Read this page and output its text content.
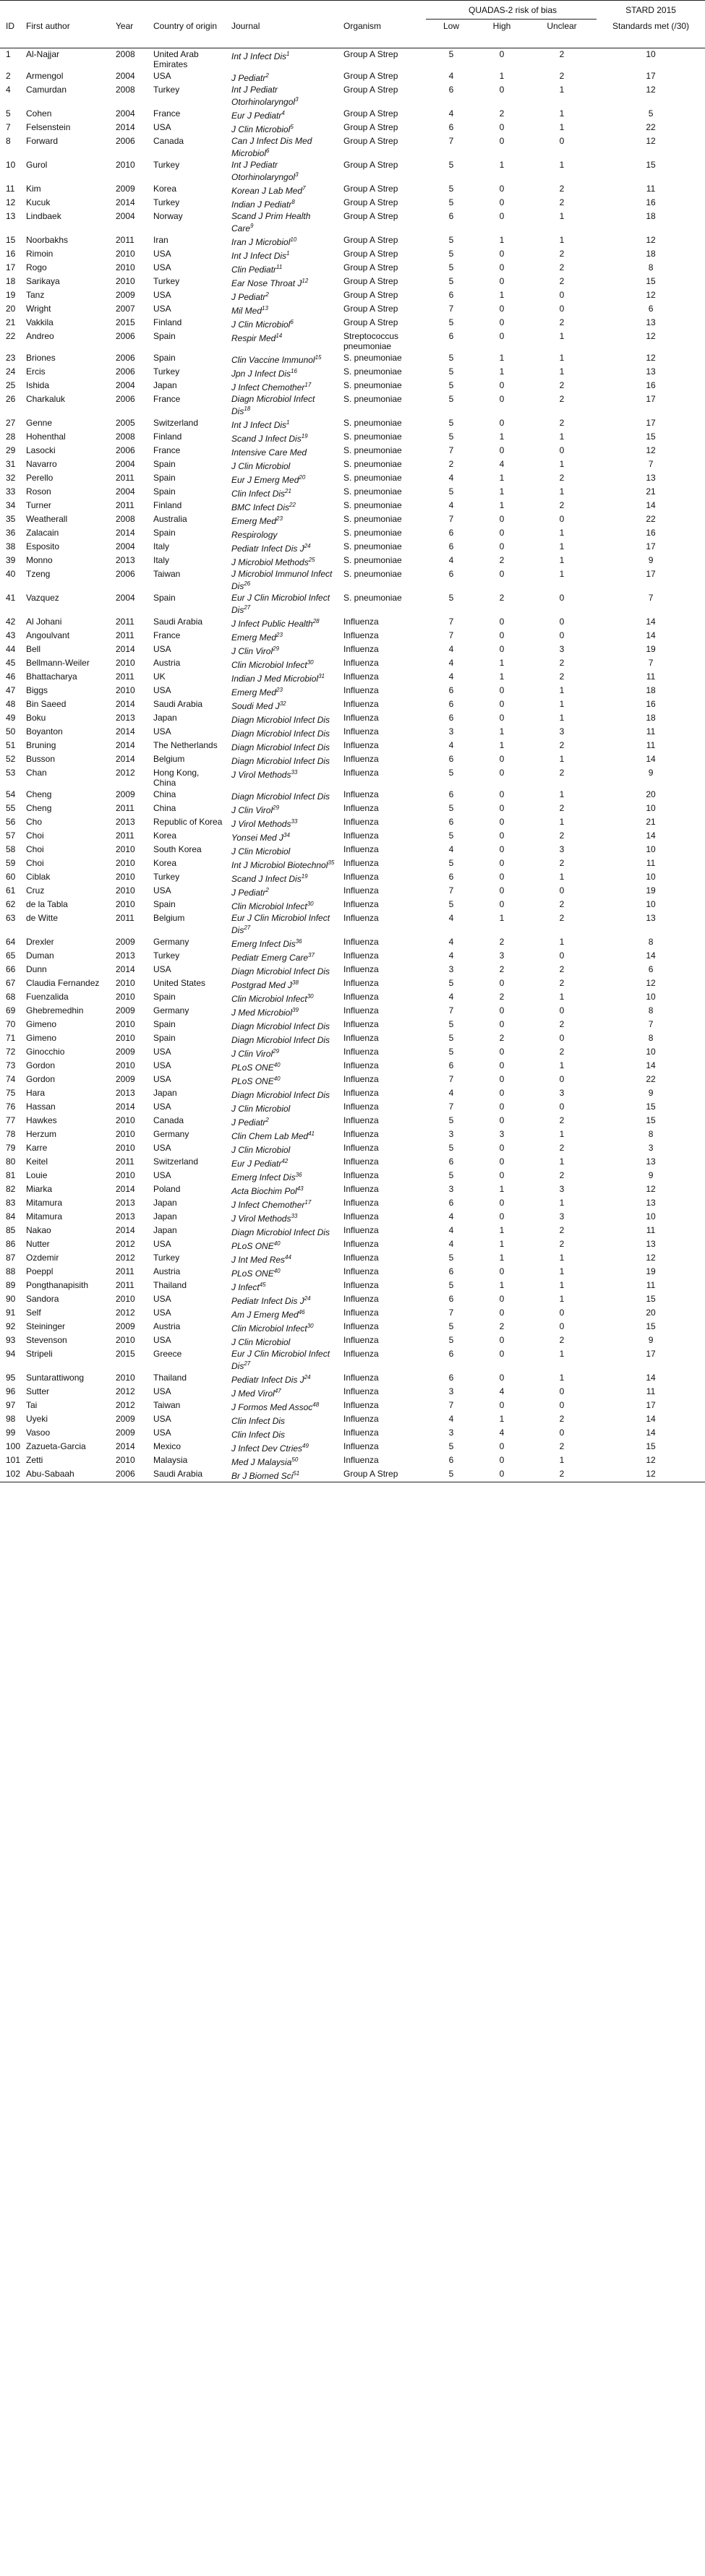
						QUADAS-2 risk of bias			STARD 2015
ID	First author	Year	Country of origin	Journal	Organism	Low	High	Unclear	Standards met (/30)
1	Al-Najjar	2008	United Arab Emirates	Int J Infect Dis$^1$	Group A Strep	5	0	2	10
2	Armengol	2004	USA	J Pediatr$^2$	Group A Strep	4	1	2	17
4	Camurdan	2008	Turkey	Int J Pediatr Otorhinolaryngol$^3$	Group A Strep	6	0	1	12
5	Cohen	2004	France	Eur J Pediatr$^4$	Group A Strep	4	2	1	5
7	Felsenstein	2014	USA	J Clin Microbiol$^5$	Group A Strep	6	0	1	22
8	Forward	2006	Canada	Can J Infect Dis Med Microbiol$^6$	Group A Strep	7	0	0	12
10	Gurol	2010	Turkey	Int J Pediatr Otorhinolaryngol$^3$	Group A Strep	5	1	1	15
11	Kim	2009	Korea	Korean J Lab Med$^7$	Group A Strep	5	0	2	11
12	Kucuk	2014	Turkey	Indian J Pediatr$^8$	Group A Strep	5	0	2	16
13	Lindbaek	2004	Norway	Scand J Prim Health Care$^9$	Group A Strep	6	0	1	18
15	Noorbakhs	2011	Iran	Iran J Microbiol$^{10}$	Group A Strep	5	1	1	12
16	Rimoin	2010	USA	Int J Infect Dis$^1$	Group A Strep	5	0	2	18
17	Rogo	2010	USA	Clin Pediatr$^{11}$	Group A Strep	5	0	2	8
18	Sarikaya	2010	Turkey	Ear Nose Throat $J^{12}$	Group A Strep	5	0	2	15
19	Tanz	2009	USA	J Pediatr$^2$	Group A Strep	6	1	0	12
20	Wright	2007	USA	Mil Med$^{13}$	Group A Strep	7	0	0	6
21	Vakkila	2015	Finland	J Clin Microbiol$^6$	Group A Strep	5	0	2	13
22	Andreo	2006	Spain	Respir Med$^{14}$	Streptococcus pneumoniae	6	0	1	12
23	Briones	2006	Spain	Clin Vaccine Immunol$^{15}$	S. pneumoniae	5	1	1	12
24	Ercis	2006	Turkey	Jpn J Infect Dis$^{16}$	S. pneumoniae	5	1	1	13
25	Ishida	2004	Japan	J Infect Chemother$^{17}$	S. pneumoniae	5	0	2	16
26	Charkaluk	2006	France	Diagn Microbiol Infect Dis$^{18}$	S. pneumoniae	5	0	2	17
27	Genne	2005	Switzerland	Int J Infect Dis$^1$	S. pneumoniae	5	0	2	17
28	Hohenthal	2008	Finland	Scand J Infect Dis$^{19}$	S. pneumoniae	5	1	1	15
29	Lasocki	2006	France	Intensive Care Med	S. pneumoniae	7	0	0	12
31	Navarro	2004	Spain	J Clin Microbiol	S. pneumoniae	2	4	1	7
32	Perello	2011	Spain	Eur J Emerg Med$^{20}$	S. pneumoniae	4	1	2	13
33	Roson	2004	Spain	Clin Infect Dis$^{21}$	S. pneumoniae	5	1	1	21
34	Turner	2011	Finland	BMC Infect Dis$^{22}$	S. pneumoniae	4	1	2	14
35	Weatherall	2008	Australia	Emerg Med$^{23}$	S. pneumoniae	7	0	0	22
36	Zalacain	2014	Spain	Respirology	S. pneumoniae	6	0	1	16
38	Esposito	2004	Italy	Pediatr Infect Dis $J^{24}$	S. pneumoniae	6	0	1	17
39	Monno	2013	Italy	J Microbiol Methods$^{25}$	S. pneumoniae	4	2	1	9
40	Tzeng	2006	Taiwan	J Microbiol Immunol Infect Dis$^{26}$	S. pneumoniae	6	0	1	17
41	Vazquez	2004	Spain	Eur J Clin Microbiol Infect Dis$^{27}$	S. pneumoniae	5	2	0	7
42	Al Johani	2011	Saudi Arabia	J Infect Public Health$^{28}$	Influenza	7	0	0	14
43	Angoulvant	2011	France	Emerg Med$^{23}$	Influenza	7	0	0	14
44	Bell	2014	USA	J Clin Virol$^{29}$	Influenza	4	0	3	19
45	Bellmann-Weiler	2010	Austria	Clin Microbiol Infect$^{30}$	Influenza	4	1	2	7
46	Bhattacharya	2011	UK	Indian J Med Microbiol$^{31}$	Influenza	4	1	2	11
47	Biggs	2010	USA	Emerg Med$^{23}$	Influenza	6	0	1	18
48	Bin Saeed	2014	Saudi Arabia	Soudi Med $J^{32}$	Influenza	6	0	1	16
49	Boku	2013	Japan	Diagn Microbiol Infect Dis	Influenza	6	0	1	18
50	Boyanton	2014	USA	Diagn Microbiol Infect Dis	Influenza	3	1	3	11
51	Bruning	2014	The Netherlands	Diagn Microbiol Infect Dis	Influenza	4	1	2	11
52	Busson	2014	Belgium	Diagn Microbiol Infect Dis	Influenza	6	0	1	14
53	Chan	2012	Hong Kong, China	J Virol Methods$^{33}$	Influenza	5	0	2	9
54	Cheng	2009	China	Diagn Microbiol Infect Dis	Influenza	6	0	1	20
55	Cheng	2011	China	J Clin Virol$^{29}$	Influenza	5	0	2	10
56	Cho	2013	Republic of Korea	J Virol Methods$^{33}$	Influenza	6	0	1	21
57	Choi	2011	Korea	Yonsei Med $J^{34}$	Influenza	5	0	2	14
58	Choi	2010	South Korea	J Clin Microbiol	Influenza	4	0	3	10
59	Choi	2010	Korea	Int J Microbiol Biotechnol$^{35}$	Influenza	5	0	2	11
60	Ciblak	2010	Turkey	Scand J Infect Dis$^{19}$	Influenza	6	0	1	10
61	Cruz	2010	USA	J Pediatr$^2$	Influenza	7	0	0	19
62	de la Tabla	2010	Spain	Clin Microbiol Infect$^{30}$	Influenza	5	0	2	10
63	de Witte	2011	Belgium	Eur J Clin Microbiol Infect Dis$^{27}$	Influenza	4	1	2	13
64	Drexler	2009	Germany	Emerg Infect Dis$^{36}$	Influenza	4	2	1	8
65	Duman	2013	Turkey	Pediatr Emerg Care$^{37}$	Influenza	4	3	0	14
66	Dunn	2014	USA	Diagn Microbiol Infect Dis	Influenza	3	2	2	6
67	Claudia Fernandez	2010	United States	Postgrad Med $J^{38}$	Influenza	5	0	2	12
68	Fuenzalida	2010	Spain	Clin Microbiol Infect$^{30}$	Influenza	4	2	1	10
69	Ghebremedhin	2009	Germany	J Med Microbiol$^{39}$	Influenza	7	0	0	8
70	Gimeno	2010	Spain	Diagn Microbiol Infect Dis	Influenza	5	0	2	7
71	Gimeno	2010	Spain	Diagn Microbiol Infect Dis	Influenza	5	2	0	8
72	Ginocchio	2009	USA	J Clin Virol$^{29}$	Influenza	5	0	2	10
73	Gordon	2010	USA	PLoS ONE$^{40}$	Influenza	6	0	1	14
74	Gordon	2009	USA	PLoS ONE$^{40}$	Influenza	7	0	0	22
75	Hara	2013	Japan	Diagn Microbiol Infect Dis	Influenza	4	0	3	9
76	Hassan	2014	USA	J Clin Microbiol	Influenza	7	0	0	15
77	Hawkes	2010	Canada	J Pediatr$^2$	Influenza	5	0	2	15
78	Herzum	2010	Germany	Clin Chem Lab Med$^{41}$	Influenza	3	3	1	8
79	Karre	2010	USA	J Clin Microbiol	Influenza	5	0	2	3
80	Keitel	2011	Switzerland	Eur J Pediatr$^{42}$	Influenza	6	0	1	13
81	Louie	2010	USA	Emerg Infect Dis$^{36}$	Influenza	5	0	2	9
82	Miarka	2014	Poland	Acta Biochim Pol$^{43}$	Influenza	3	1	3	12
83	Mitamura	2013	Japan	J Infect Chemother$^{17}$	Influenza	6	0	1	13
84	Mitamura	2013	Japan	J Virol Methods$^{33}$	Influenza	4	0	3	10
85	Nakao	2014	Japan	Diagn Microbiol Infect Dis	Influenza	4	1	2	11
86	Nutter	2012	USA	PLoS ONE$^{40}$	Influenza	4	1	2	13
87	Ozdemir	2012	Turkey	J Int Med Res$^{44}$	Influenza	5	1	1	12
88	Poeppl	2011	Austria	PLoS ONE$^{40}$	Influenza	6	0	1	19
89	Pongthanapisith	2011	Thailand	J Infect$^{45}$	Influenza	5	1	1	11
90	Sandora	2010	USA	Pediatr Infect Dis $J^{24}$	Influenza	6	0	1	15
91	Self	2012	USA	Am J Emerg Med$^{46}$	Influenza	7	0	0	20
92	Steininger	2009	Austria	Clin Microbiol Infect$^{30}$	Influenza	5	2	0	15
93	Stevenson	2010	USA	J Clin Microbiol	Influenza	5	0	2	9
94	Stripeli	2015	Greece	Eur J Clin Microbiol Infect Dis$^{27}$	Influenza	6	0	1	17
95	Suntarattiwong	2010	Thailand	Pediatr Infect Dis $J^{24}$	Influenza	6	0	1	14
96	Sutter	2012	USA	J Med Virol$^{47}$	Influenza	3	4	0	11
97	Tai	2012	Taiwan	J Formos Med Assoc$^{48}$	Influenza	7	0	0	17
98	Uyeki	2009	USA	Clin Infect Dis	Influenza	4	1	2	14
99	Vasoo	2009	USA	Clin Infect Dis	Influenza	3	4	0	14
100	Zazueta-Garcia	2014	Mexico	J Infect Dev Ctries$^{49}$	Influenza	5	0	2	15
101	Zetti	2010	Malaysia	Med J Malaysia$^{50}$	Influenza	6	0	1	12
102	Abu-Sabaah	2006	Saudi Arabia	Br J Biomed Sci$^{51}$	Group A Strep	5	0	2	12
